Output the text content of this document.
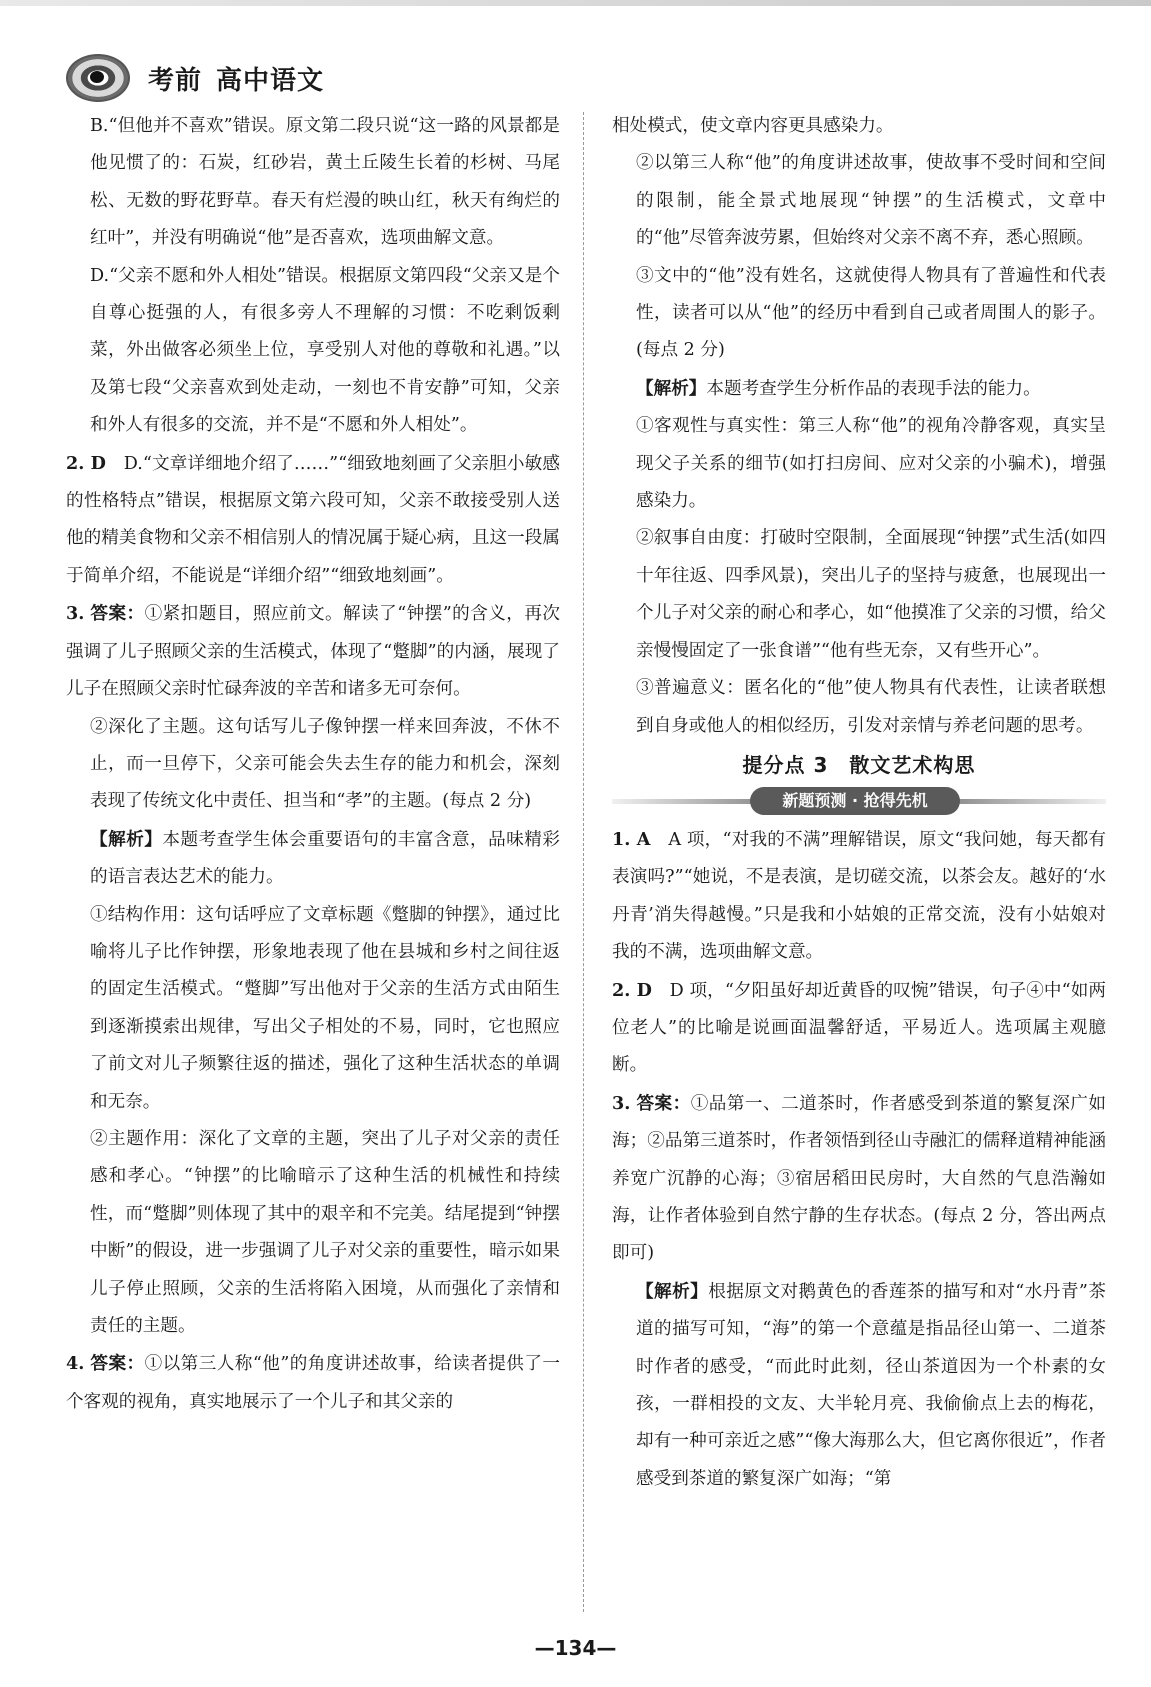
考前 高中语文

B.“但他并不喜欢”错误。原文第二段只说“这一路的风景都是他见惯了的：石炭，红砂岩，黄土丘陵生长着的杉树、马尾松、无数的野花野草。春天有烂漫的映山红，秋天有绚烂的红叶”，并没有明确说“他”是否喜欢，选项曲解文意。

D.“父亲不愿和外人相处”错误。根据原文第四段“父亲又是个自尊心挺强的人，有很多旁人不理解的习惯：不吃剩饭剩菜，外出做客必须坐上位，享受别人对他的尊敬和礼遇。”以及第七段“父亲喜欢到处走动，一刻也不肯安静”可知，父亲和外人有很多的交流，并不是“不愿和外人相处”。

2. D　 D.“文章详细地介绍了……”“细致地刻画了父亲胆小敏感的性格特点”错误，根据原文第六段可知，父亲不敢接受别人送他的精美食物和父亲不相信别人的情况属于疑心病，且这一段属于简单介绍，不能说是“详细介绍”“细致地刻画”。

3. 答案：①紧扣题目，照应前文。解读了“钟摆”的含义，再次强调了儿子照顾父亲的生活模式，体现了“蹩脚”的内涵，展现了儿子在照顾父亲时忙碌奔波的辛苦和诸多无可奈何。

②深化了主题。这句话写儿子像钟摆一样来回奔波，不休不止，而一旦停下，父亲可能会失去生存的能力和机会，深刻表现了传统文化中责任、担当和“孝”的主题。(每点 2 分)

【解析】本题考查学生体会重要语句的丰富含意，品味精彩的语言表达艺术的能力。

①结构作用：这句话呼应了文章标题《蹩脚的钟摆》，通过比喻将儿子比作钟摆，形象地表现了他在县城和乡村之间往返的固定生活模式。“蹩脚”写出他对于父亲的生活方式由陌生到逐渐摸索出规律，写出父子相处的不易，同时，它也照应了前文对儿子频繁往返的描述，强化了这种生活状态的单调和无奈。

②主题作用：深化了文章的主题，突出了儿子对父亲的责任感和孝心。“钟摆”的比喻暗示了这种生活的机械性和持续性，而“蹩脚”则体现了其中的艰辛和不完美。结尾提到“钟摆中断”的假设，进一步强调了儿子对父亲的重要性，暗示如果儿子停止照顾，父亲的生活将陷入困境，从而强化了亲情和责任的主题。

4. 答案：①以第三人称“他”的角度讲述故事，给读者提供了一个客观的视角，真实地展示了一个儿子和其父亲的

相处模式，使文章内容更具感染力。

②以第三人称“他”的角度讲述故事，使故事不受时间和空间的限制，能全景式地展现“钟摆”的生活模式，文章中的“他”尽管奔波劳累，但始终对父亲不离不弃，悉心照顾。

③文中的“他”没有姓名，这就使得人物具有了普遍性和代表性，读者可以从“他”的经历中看到自己或者周围人的影子。(每点 2 分)

【解析】本题考查学生分析作品的表现手法的能力。

①客观性与真实性：第三人称“他”的视角冷静客观，真实呈现父子关系的细节(如打扫房间、应对父亲的小骗术)，增强感染力。

②叙事自由度：打破时空限制，全面展现“钟摆”式生活(如四十年往返、四季风景)，突出儿子的坚持与疲惫，也展现出一个儿子对父亲的耐心和孝心，如“他摸准了父亲的习惯，给父亲慢慢固定了一张食谱”“他有些无奈，又有些开心”。

③普遍意义：匿名化的“他”使人物具有代表性，让读者联想到自身或他人的相似经历，引发对亲情与养老问题的思考。

提分点 3　散文艺术构思

新题预测 · 抢得先机

1. A　 A 项，“对我的不满”理解错误，原文“我问她，每天都有表演吗?”“她说，不是表演，是切磋交流，以茶会友。越好的‘水丹青’消失得越慢。”只是我和小姑娘的正常交流，没有小姑娘对我的不满，选项曲解文意。

2. D　 D 项，“夕阳虽好却近黄昏的叹惋”错误，句子④中“如两位老人”的比喻是说画面温馨舒适，平易近人。选项属主观臆断。

3. 答案：①品第一、二道茶时，作者感受到茶道的繁复深广如海；②品第三道茶时，作者领悟到径山寺融汇的儒释道精神能涵养宽广沉静的心海；③宿居稻田民房时，大自然的气息浩瀚如海，让作者体验到自然宁静的生存状态。(每点 2 分，答出两点即可)

【解析】根据原文对鹅黄色的香莲茶的描写和对“水丹青”茶道的描写可知，“海”的第一个意蕴是指品径山第一、二道茶时作者的感受，“而此时此刻，径山茶道因为一个朴素的女孩，一群相投的文友、大半轮月亮、我偷偷点上去的梅花，却有一种可亲近之感”“像大海那么大，但它离你很近”，作者感受到茶道的繁复深广如海；“第

—134—
